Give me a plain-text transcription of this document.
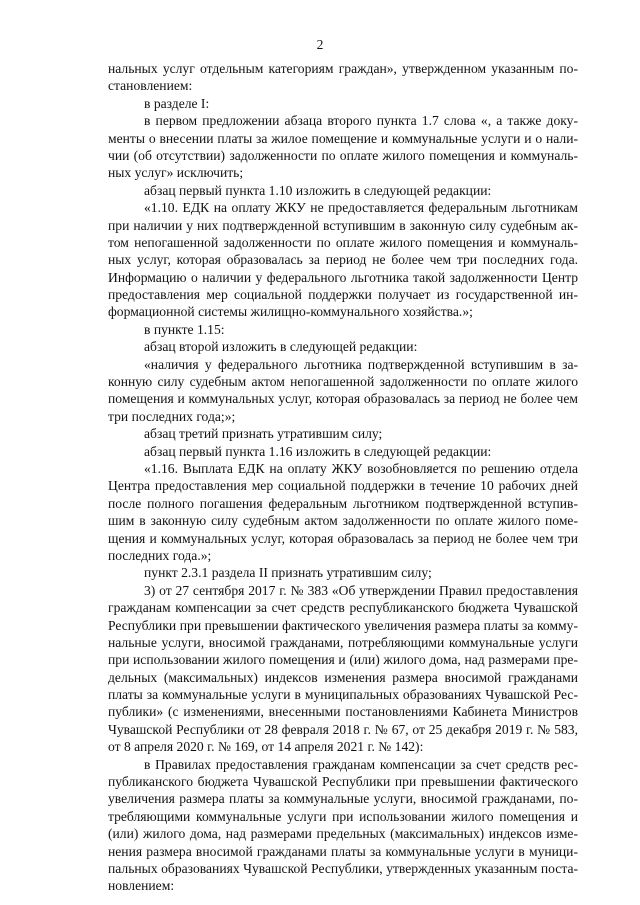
2
нальных услуг отдельным категориям граждан», утвержденном указанным по-
становлением:
в разделе I:
в первом предложении абзаца второго пункта 1.7 слова «, а также доку-
менты о внесении платы за жилое помещение и коммунальные услуги и о нали-
чии (об отсутствии) задолженности по оплате жилого помещения и коммуналь-
ных услуг» исключить;
абзац первый пункта 1.10 изложить в следующей редакции:
«1.10. ЕДК на оплату ЖКУ не предоставляется федеральным льготникам
при наличии у них подтвержденной вступившим в законную силу судебным ак-
том непогашенной задолженности по оплате жилого помещения и коммуналь-
ных услуг, которая образовалась за период не более чем три последних года.
Информацию о наличии у федерального льготника такой задолженности Центр
предоставления мер социальной поддержки получает из государственной ин-
формационной системы жилищно-коммунального хозяйства.»;
в пункте 1.15:
абзац второй изложить в следующей редакции:
«наличия у федерального льготника подтвержденной вступившим в за-
конную силу судебным актом непогашенной задолженности по оплате жилого
помещения и коммунальных услуг, которая образовалась за период не более чем
три последних года;»;
абзац третий признать утратившим силу;
абзац первый пункта 1.16 изложить в следующей редакции:
«1.16. Выплата ЕДК на оплату ЖКУ возобновляется по решению отдела
Центра предоставления мер социальной поддержки в течение 10 рабочих дней
после полного погашения федеральным льготником подтвержденной вступив-
шим в законную силу судебным актом задолженности по оплате жилого поме-
щения и коммунальных услуг, которая образовалась за период не более чем три
последних года.»;
пункт 2.3.1 раздела II признать утратившим силу;
3) от 27 сентября 2017 г. № 383 «Об утверждении Правил предоставления
гражданам компенсации за счет средств республиканского бюджета Чувашской
Республики при превышении фактического увеличения размера платы за комму-
нальные услуги, вносимой гражданами, потребляющими коммунальные услуги
при использовании жилого помещения и (или) жилого дома, над размерами пре-
дельных (максимальных) индексов изменения размера вносимой гражданами
платы за коммунальные услуги в муниципальных образованиях Чувашской Рес-
публики» (с изменениями, внесенными постановлениями Кабинета Министров
Чувашской Республики от 28 февраля 2018 г. № 67, от 25 декабря 2019 г. № 583,
от 8 апреля 2020 г. № 169, от 14 апреля 2021 г. № 142):
в Правилах предоставления гражданам компенсации за счет средств рес-
публиканского бюджета Чувашской Республики при превышении фактического
увеличения размера платы за коммунальные услуги, вносимой гражданами, по-
требляющими коммунальные услуги при использовании жилого помещения и
(или) жилого дома, над размерами предельных (максимальных) индексов изме-
нения размера вносимой гражданами платы за коммунальные услуги в муници-
пальных образованиях Чувашской Республики, утвержденных указанным поста-
новлением:
